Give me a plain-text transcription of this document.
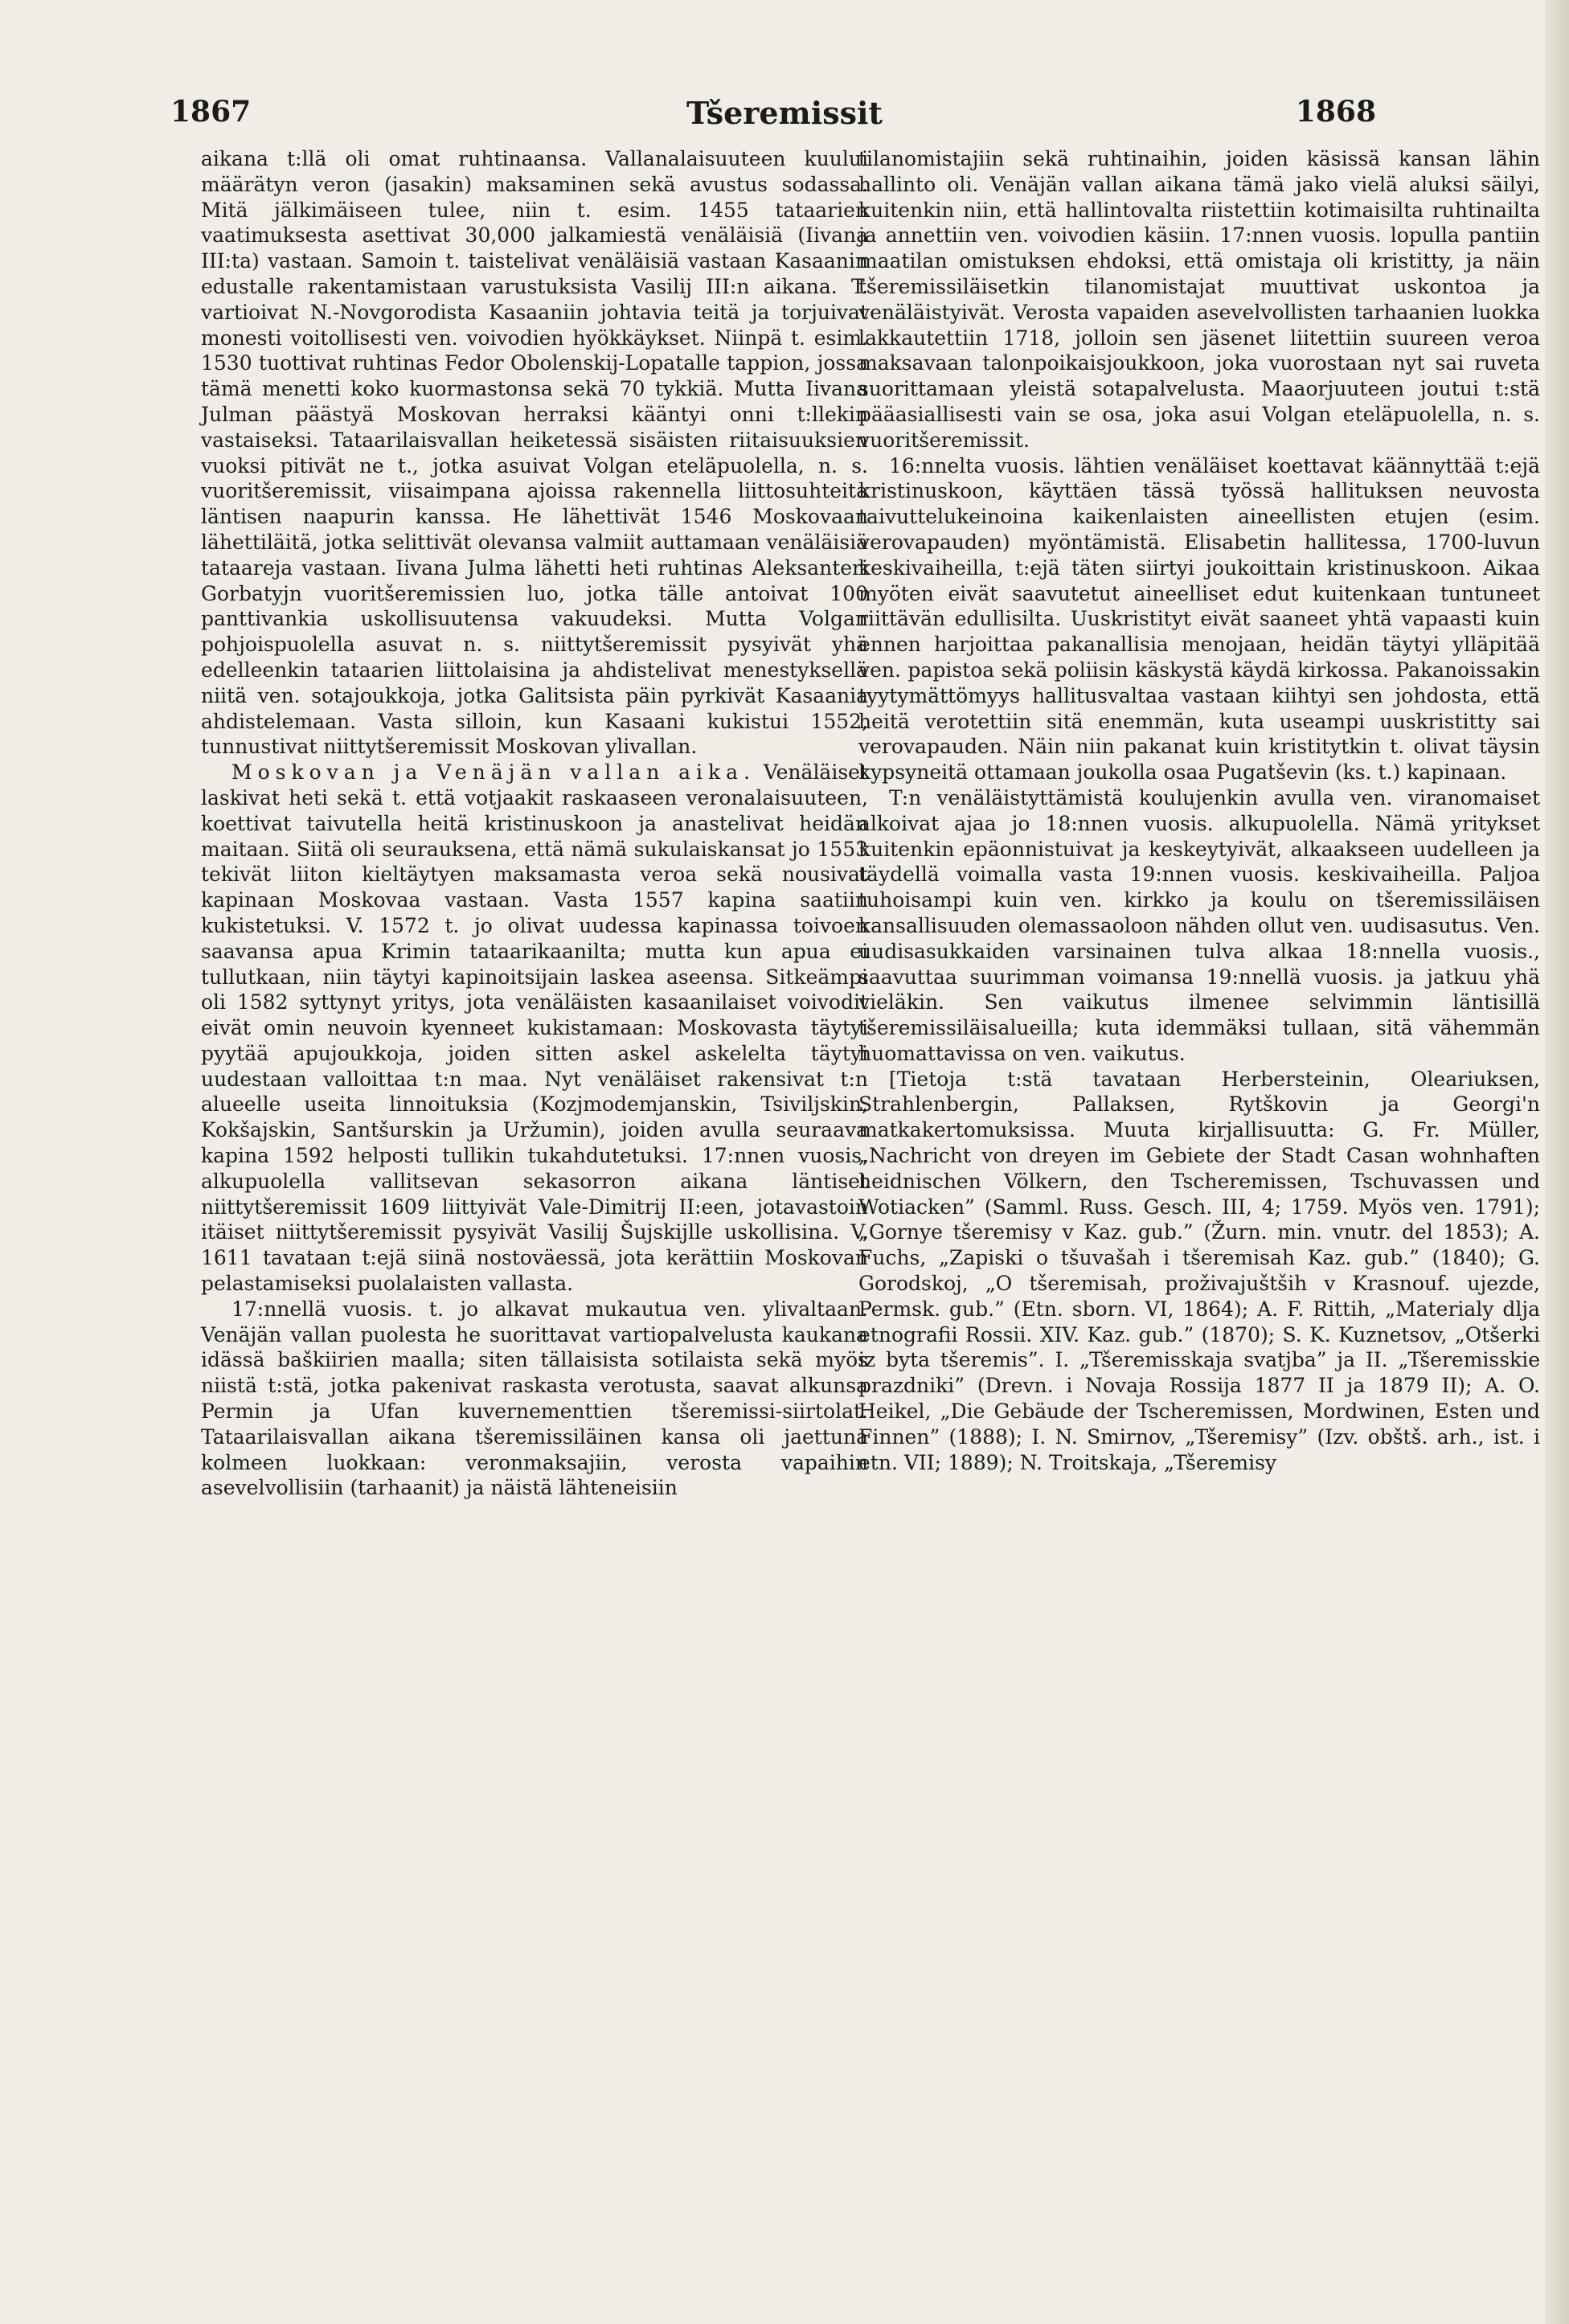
1867	Tšeremissit	1868

aikana t:llä oli omat ruhtinaansa. Vallanalaisuuteen kuului määrätyn veron (jasakin) maksaminen sekä avustus sodassa. Mitä jälkimäiseen tulee, niin t. esim. 1455 tataarien vaatimuksesta asettivat 30,000 jalkamiestä venäläisiä (Iivana III:ta) vastaan. Samoin t. taistelivat venäläisiä vastaan Kasaanin edustalle rakentamistaan varustuksista Vasilij III:n aikana. T. vartioivat N.-Novgorodista Kasaaniin johtavia teitä ja torjuivat monesti voitollisesti ven. voivodien hyökkäykset. Niinpä t. esim. 1530 tuottivat ruhtinas Fedor Obolenskij-Lopatalle tappion, jossa tämä menetti koko kuormastonsa sekä 70 tykkiä. Mutta Iivana Julman päästyä Moskovan herraksi kääntyi onni t:llekin vastaiseksi. Tataarilaisvallan heiketessä sisäisten riitaisuuksien vuoksi pitivät ne t., jotka asuivat Volgan eteläpuolella, n. s. vuoritšeremissit, viisaimpana ajoissa rakennella liittosuhteita läntisen naapurin kanssa. He lähettivät 1546 Moskovaan lähettiläitä, jotka selittivät olevansa valmiit auttamaan venäläisiä tataareja vastaan. Iivana Julma lähetti heti ruhtinas Aleksanteri Gorbatyjn vuoritšeremissien luo, jotka tälle antoivat 100 panttivankia uskollisuutensa vakuudeksi. Mutta Volgan pohjoispuolella asuvat n. s. niittytšeremissit pysyivät yhä edelleenkin tataarien liittolaisina ja ahdistelivat menestyksellä niitä ven. sotajoukkoja, jotka Galitsista päin pyrkivät Kasaania ahdistelemaan. Vasta silloin, kun Kasaani kukistui 1552, tunnustivat niittytšeremissit Moskovan ylivallan.

Moskovan ja Venäjän vallan aika. Venäläiset laskivat heti sekä t. että votjaakit raskaaseen veronalaisuuteen, koettivat taivutella heitä kristinuskoon ja anastelivat heidän maitaan. Siitä oli seurauksena, että nämä sukulaiskansat jo 1553 tekivät liiton kieltäytyen maksamasta veroa sekä nousivat kapinaan Moskovaa vastaan. Vasta 1557 kapina saatiin kukistetuksi. V. 1572 t. jo olivat uudessa kapinassa toivoen saavansa apua Krimin tataarikaanilta; mutta kun apua ei tullutkaan, niin täytyi kapinoitsijain laskea aseensa. Sitkeämpi oli 1582 syttynyt yritys, jota venäläisten kasaanilaiset voivodit eivät omin neuvoin kyenneet kukistamaan: Moskovasta täytyi pyytää apujoukkoja, joiden sitten askel askelelta täytyi uudestaan valloittaa t:n maa. Nyt venäläiset rakensivat t:n alueelle useita linnoituksia (Kozjmodemjanskin, Tsiviljskin, Kokšajskin, Santšurskin ja Uržumin), joiden avulla seuraava kapina 1592 helposti tullikin tukahdutetuksi. 17:nnen vuosis. alkupuolella vallitsevan sekasorron aikana läntiset niittytšeremissit 1609 liittyivät Vale-Dimitrij II:een, jotavastoin itäiset niittytšeremissit pysyivät Vasilij Šujskijlle uskollisina. V. 1611 tavataan t:ejä siinä nostoväessä, jota kerättiin Moskovan pelastamiseksi puolalaisten vallasta.

17:nnellä vuosis. t. jo alkavat mukautua ven. ylivaltaan. Venäjän vallan puolesta he suorittavat vartiopalvelusta kaukana idässä baškiirien maalla; siten tällaisista sotilaista sekä myös niistä t:stä, jotka pakenivat raskasta verotusta, saavat alkunsa Permin ja Ufan kuvernementtien tšeremissi-siirtolat. Tataarilaisvallan aikana tšeremissiläinen kansa oli jaettuna kolmeen luokkaan: veronmaksajiin, verosta vapaihin asevelvollisiin (tarhaanit) ja näistä lähteneisiin

tilanomistajiin sekä ruhtinaihin, joiden käsissä kansan lähin hallinto oli. Venäjän vallan aikana tämä jako vielä aluksi säilyi, kuitenkin niin, että hallintovalta riistettiin kotimaisilta ruhtinailta ja annettiin ven. voivodien käsiin. 17:nnen vuosis. lopulla pantiin maatilan omistuksen ehdoksi, että omistaja oli kristitty, ja näin tšeremissiläisetkin tilanomistajat muuttivat uskontoa ja venäläistyivät. Verosta vapaiden asevelvollisten tarhaanien luokka lakkautettiin 1718, jolloin sen jäsenet liitettiin suureen veroa maksavaan talonpoikaisjoukkoon, joka vuorostaan nyt sai ruveta suorittamaan yleistä sotapalvelusta. Maaorjuuteen joutui t:stä pääasiallisesti vain se osa, joka asui Volgan eteläpuolella, n. s. vuoritšeremissit.

16:nnelta vuosis. lähtien venäläiset koettavat käännyttää t:ejä kristinuskoon, käyttäen tässä työssä hallituksen neuvosta taivuttelukeinoina kaikenlaisten aineellisten etujen (esim. verovapauden) myöntämistä. Elisabetin hallitessa, 1700-luvun keskivaiheilla, t:ejä täten siirtyi joukoittain kristinuskoon. Aikaa myöten eivät saavutetut aineelliset edut kuitenkaan tuntuneet riittävän edullisilta. Uuskristityt eivät saaneet yhtä vapaasti kuin ennen harjoittaa pakanallisia menojaan, heidän täytyi ylläpitää ven. papistoa sekä poliisin käskystä käydä kirkossa. Pakanoissakin tyytymättömyys hallitusvaltaa vastaan kiihtyi sen johdosta, että heitä verotettiin sitä enemmän, kuta useampi uuskristitty sai verovapauden. Näin niin pakanat kuin kristitytkin t. olivat täysin kypsyneitä ottamaan joukolla osaa Pugatševin (ks. t.) kapinaan.

T:n venäläistyttämistä koulujenkin avulla ven. viranomaiset alkoivat ajaa jo 18:nnen vuosis. alkupuolella. Nämä yritykset kuitenkin epäonnistuivat ja keskeytyivät, alkaakseen uudelleen ja täydellä voimalla vasta 19:nnen vuosis. keskivaiheilla. Paljoa tuhoisampi kuin ven. kirkko ja koulu on tšeremissiläisen kansallisuuden olemassaoloon nähden ollut ven. uudisasutus. Ven. uudisasukkaiden varsinainen tulva alkaa 18:nnella vuosis., saavuttaa suurimman voimansa 19:nnellä vuosis. ja jatkuu yhä vieläkin. Sen vaikutus ilmenee selvimmin läntisillä tšeremissiläisalueilla; kuta idemmäksi tullaan, sitä vähemmän huomattavissa on ven. vaikutus.

[Tietoja t:stä tavataan Herbersteinin, Oleariuksen, Strahlenbergin, Pallaksen, Rytškovin ja Georgi'n matkakertomuksissa. Muuta kirjallisuutta: G. Fr. Müller, „Nachricht von dreyen im Gebiete der Stadt Casan wohnhaften heidnischen Völkern, den Tscheremissen, Tschuvassen und Wotiacken” (Samml. Russ. Gesch. III, 4; 1759. Myös ven. 1791); „Gornye tšeremisy v Kaz. gub.” (Žurn. min. vnutr. del 1853); A. Fuchs, „Zapiski o tšuvašah i tšeremisah Kaz. gub.” (1840); G. Gorodskoj, „O tšeremisah, proživajuštših v Krasnouf. ujezde, Permsk. gub.” (Etn. sborn. VI, 1864); A. F. Rittih, „Materialy dlja etnografii Rossii. XIV. Kaz. gub.” (1870); S. K. Kuznetsov, „Otšerki iz byta tšeremis”. I. „Tšeremisskaja svatjba” ja II. „Tšeremisskie prazdniki” (Drevn. i Novaja Rossija 1877 II ja 1879 II); A. O. Heikel, „Die Gebäude der Tscheremissen, Mordwinen, Esten und Finnen” (1888); I. N. Smirnov, „Tšeremisy” (Izv. obštš. arh., ist. i etn. VII; 1889); N. Troitskaja, „Tšeremisy
